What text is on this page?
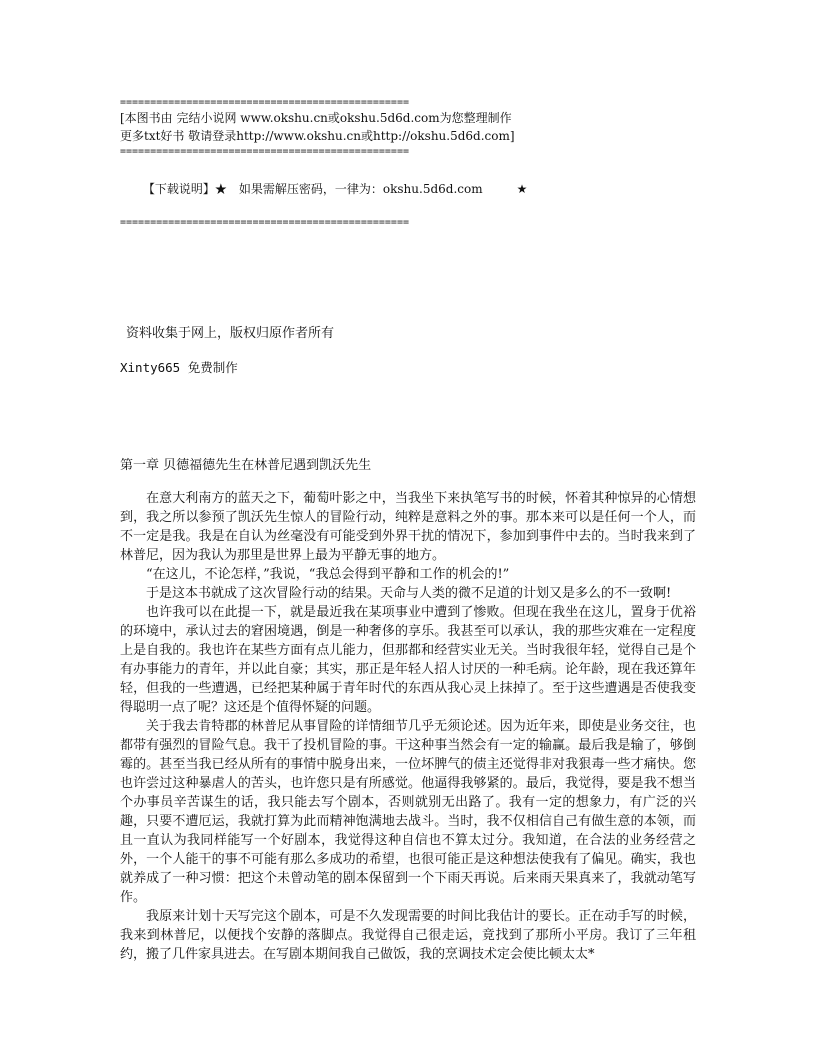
================================================
[本图书由 完结小说网 www.okshu.cn或okshu.5d6d.com为您整理制作
更多txt好书 敬请登录http://www.okshu.cn或http://okshu.5d6d.com]
================================================

【下载说明】★　如果需解压密码，一律为：okshu.5d6d.com	★

================================================
资料收集于网上，版权归原作者所有
Xinty665 免费制作
第一章 贝德福德先生在林普尼遇到凯沃先生

在意大利南方的蓝天之下，葡萄叶影之中，当我坐下来执笔写书的时候，怀着其种惊异的心情想到，我之所以参预了凯沃先生惊人的冒险行动，纯粹是意料之外的事。那本来可以是任何一个人，而不一定是我。我是在自认为丝毫没有可能受到外界干扰的情况下，参加到事件中去的。当时我来到了林普尼，因为我认为那里是世界上最为平静无事的地方。

“在这儿，不论怎样，”我说，“我总会得到平静和工作的机会的!”

于是这本书就成了这次冒险行动的结果。天命与人类的微不足道的计划又是多么的不一致啊!

也许我可以在此提一下，就是最近我在某项事业中遭到了惨败。但现在我坐在这儿，置身于优裕的环境中，承认过去的窘困境遇，倒是一种奢侈的享乐。我甚至可以承认，我的那些灾难在一定程度上是自我的。我也许在某些方面有点儿能力，但那都和经营实业无关。当时我很年轻，觉得自己是个有办事能力的青年，并以此自豪；其实，那正是年轻人招人讨厌的一种毛病。论年龄，现在我还算年轻，但我的一些遭遇，已经把某种属于青年时代的东西从我心灵上抹掉了。至于这些遭遇是否使我变得聪明一点了呢？这还是个值得怀疑的问题。

关于我去肯特郡的林普尼从事冒险的详情细节几乎无须论述。因为近年来，即使是业务交往，也都带有强烈的冒险气息。我干了投机冒险的事。干这种事当然会有一定的输赢。最后我是输了，够倒霉的。甚至当我已经从所有的事情中脱身出来，一位坏脾气的债主还觉得非对我狠毒一些才痛快。您也许尝过这种暴虐人的苦头，也许您只是有所感觉。他逼得我够紧的。最后，我觉得，要是我不想当个办事员辛苦谋生的话，我只能去写个剧本，否则就别无出路了。我有一定的想象力，有广泛的兴趣，只要不遭厄运，我就打算为此而精神饱满地去战斗。当时，我不仅相信自己有做生意的本领，而且一直认为我同样能写一个好剧本，我觉得这种自信也不算太过分。我知道，在合法的业务经营之外，一个人能干的事不可能有那么多成功的希望，也很可能正是这种想法使我有了偏见。确实，我也就养成了一种习惯：把这个未曾动笔的剧本保留到一个下雨天再说。后来雨天果真来了，我就动笔写作。

我原来计划十天写完这个剧本，可是不久发现需要的时间比我估计的要长。正在动手写的时候，我来到林普尼，以便找个安静的落脚点。我觉得自己很走运，竟找到了那所小平房。我订了三年租约，搬了几件家具进去。在写剧本期间我自己做饭，我的烹调技术定会使比顿太太*
